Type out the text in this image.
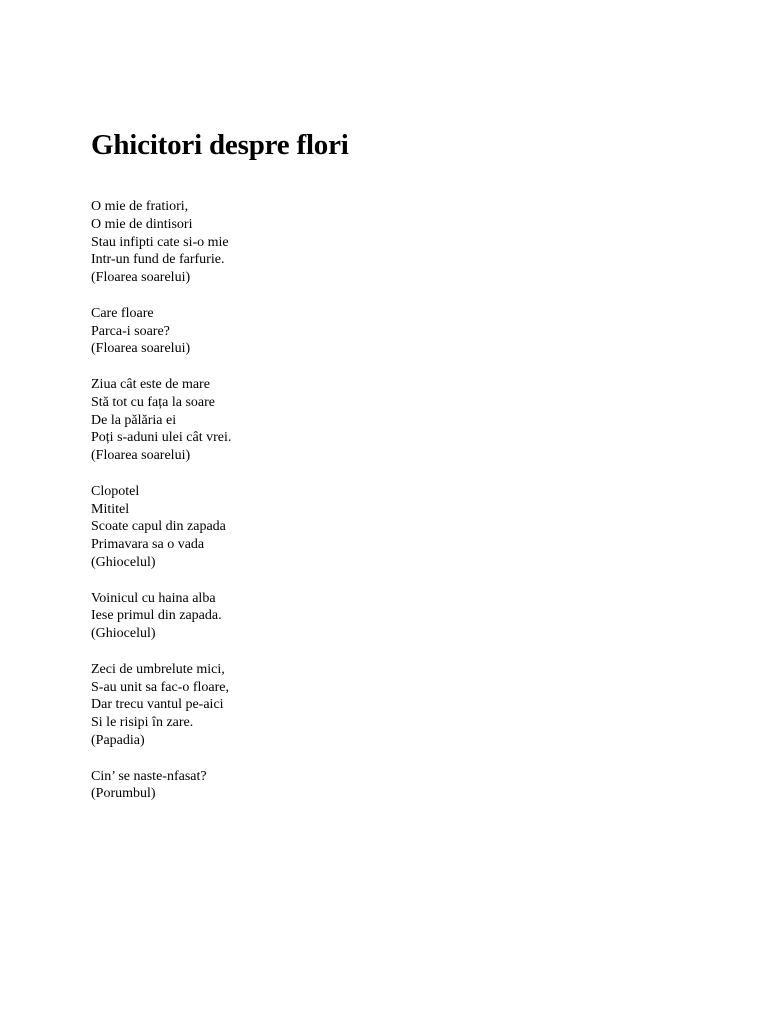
Ghicitori despre flori
O mie de fratiori,
O mie de dintisori
Stau infipti cate si-o mie
Intr-un fund de farfurie.
(Floarea soarelui)
Care floare
Parca-i soare?
(Floarea soarelui)
Ziua cât este de mare
Stă tot cu fața la soare
De la pălăria ei
Poți s-aduni ulei cât vrei.
(Floarea soarelui)
Clopotel
Mititel
Scoate capul din zapada
Primavara sa o vada
(Ghiocelul)
Voinicul cu haina alba
Iese primul din zapada.
(Ghiocelul)
Zeci de umbrelute mici,
S-au unit sa fac-o floare,
Dar trecu vantul pe-aici
Si le risipi în zare.
(Papadia)
Cin’ se naste-nfasat?
(Porumbul)
